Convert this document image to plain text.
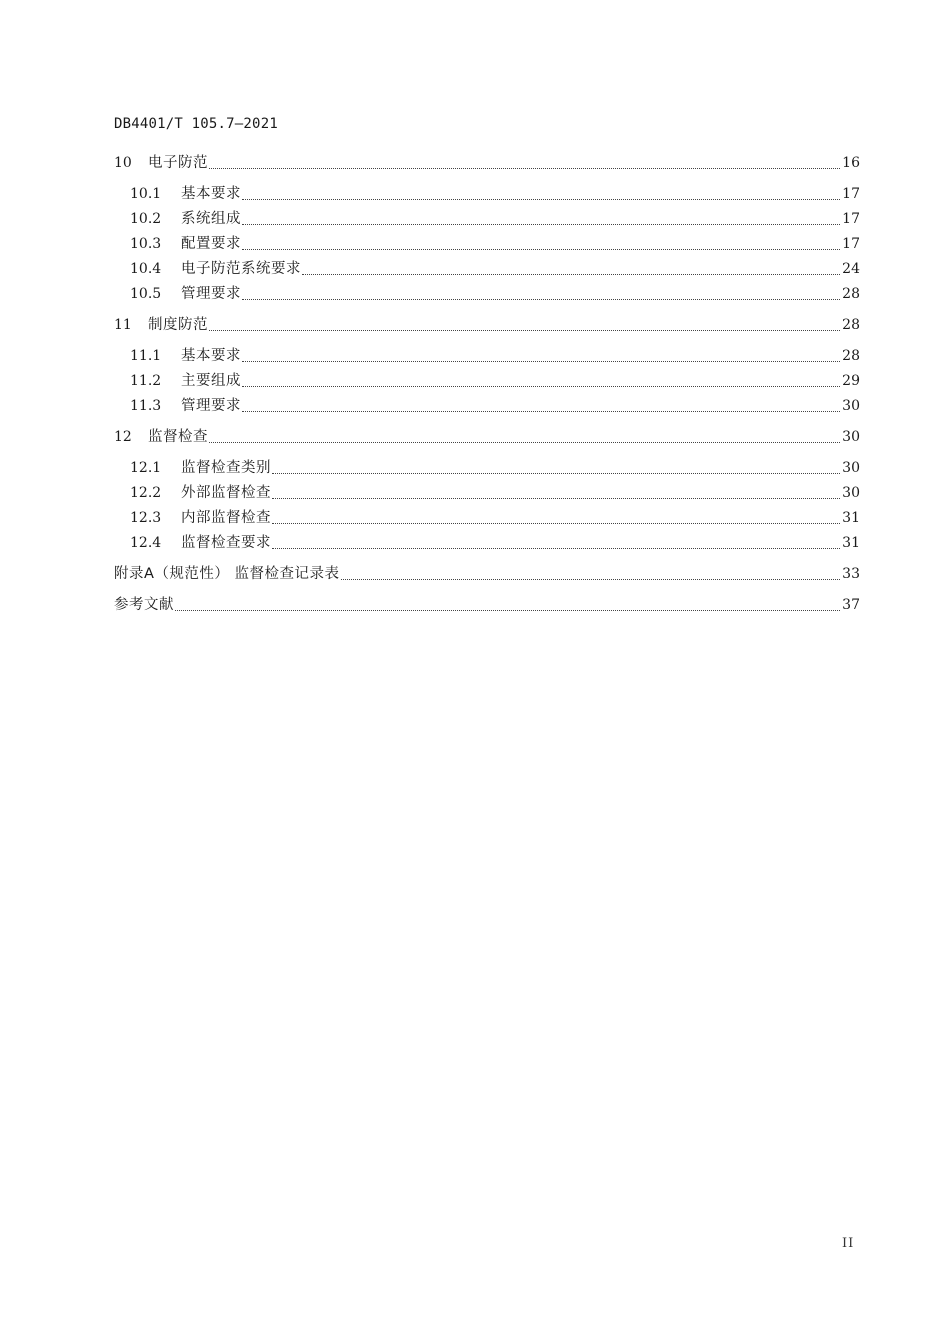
DB4401/T 105.7—2021
10	电子防范	16
10.1	基本要求	17
10.2	系统组成	17
10.3	配置要求	17
10.4	电子防范系统要求	24
10.5	管理要求	28
11	制度防范	28
11.1	基本要求	28
11.2	主要组成	29
11.3	管理要求	30
12	监督检查	30
12.1	监督检查类别	30
12.2	外部监督检查	30
12.3	内部监督检查	31
12.4	监督检查要求	31
附录A（规范性） 监督检查记录表	33
参考文献	37
II
